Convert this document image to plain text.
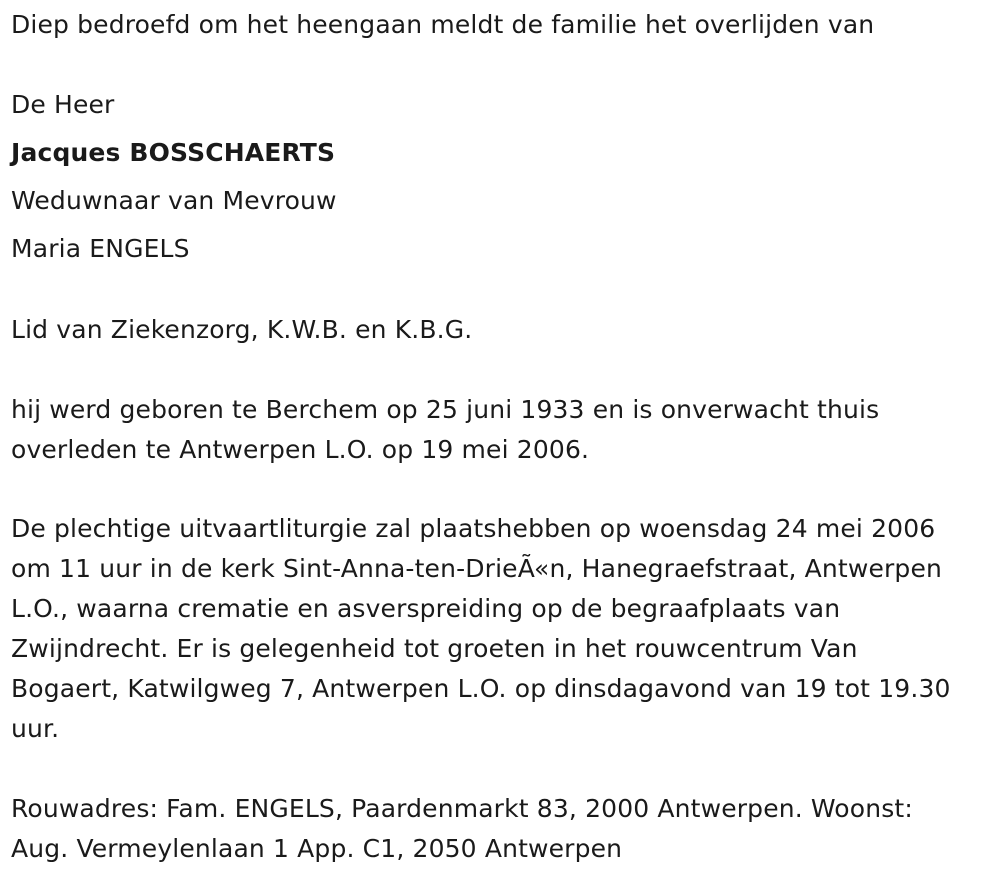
Diep bedroefd om het heengaan meldt de familie het overlijden van
De Heer
Jacques BOSSCHAERTS
Weduwnaar van Mevrouw
Maria ENGELS
Lid van Ziekenzorg, K.W.B. en K.B.G.
hij werd geboren te Berchem op 25 juni 1933 en is onverwacht thuis
overleden te Antwerpen L.O. op 19 mei 2006.
De plechtige uitvaartliturgie zal plaatshebben op woensdag 24 mei 2006
om 11 uur in de kerk Sint-Anna-ten-DrieÃ«n, Hanegraefstraat, Antwerpen
L.O., waarna crematie en asverspreiding op de begraafplaats van
Zwijndrecht. Er is gelegenheid tot groeten in het rouwcentrum Van
Bogaert, Katwilgweg 7, Antwerpen L.O. op dinsdagavond van 19 tot 19.30
uur.
Rouwadres: Fam. ENGELS, Paardenmarkt 83, 2000 Antwerpen. Woonst:
Aug. Vermeylenlaan 1 App. C1, 2050 Antwerpen
